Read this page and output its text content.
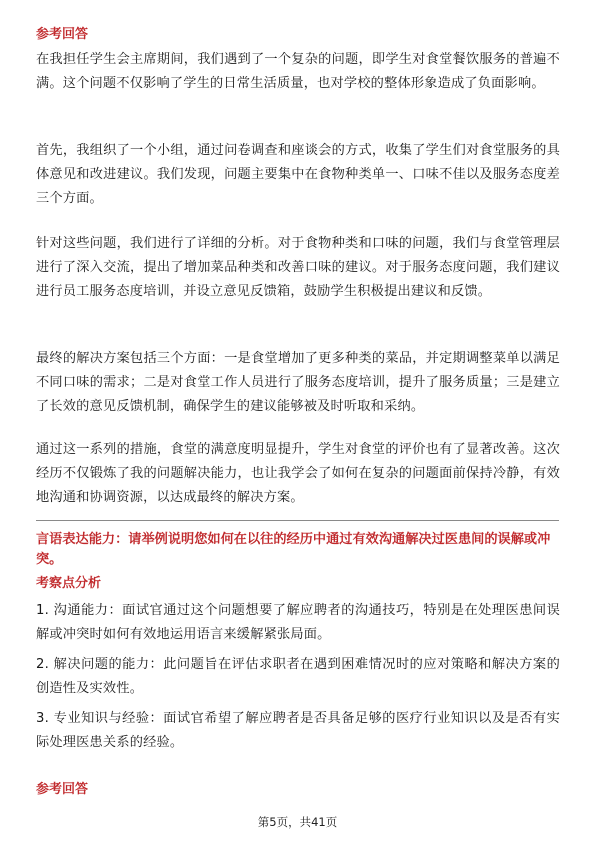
参考回答

在我担任学生会主席期间，我们遇到了一个复杂的问题，即学生对食堂餐饮服务的普遍不满。这个问题不仅影响了学生的日常生活质量，也对学校的整体形象造成了负面影响。

首先，我组织了一个小组，通过问卷调查和座谈会的方式，收集了学生们对食堂服务的具体意见和改进建议。我们发现，问题主要集中在食物种类单一、口味不佳以及服务态度差三个方面。

针对这些问题，我们进行了详细的分析。对于食物种类和口味的问题，我们与食堂管理层进行了深入交流，提出了增加菜品种类和改善口味的建议。对于服务态度问题，我们建议进行员工服务态度培训，并设立意见反馈箱，鼓励学生积极提出建议和反馈。

最终的解决方案包括三个方面：一是食堂增加了更多种类的菜品，并定期调整菜单以满足不同口味的需求；二是对食堂工作人员进行了服务态度培训，提升了服务质量；三是建立了长效的意见反馈机制，确保学生的建议能够被及时听取和采纳。

通过这一系列的措施，食堂的满意度明显提升，学生对食堂的评价也有了显著改善。这次经历不仅锻炼了我的问题解决能力，也让我学会了如何在复杂的问题面前保持冷静，有效地沟通和协调资源，以达成最终的解决方案。

言语表达能力：请举例说明您如何在以往的经历中通过有效沟通解决过医患间的误解或冲突。

考察点分析

1. 沟通能力：面试官通过这个问题想要了解应聘者的沟通技巧，特别是在处理医患间误解或冲突时如何有效地运用语言来缓解紧张局面。

2. 解决问题的能力：此问题旨在评估求职者在遇到困难情况时的应对策略和解决方案的创造性及实效性。

3. 专业知识与经验：面试官希望了解应聘者是否具备足够的医疗行业知识以及是否有实际处理医患关系的经验。

参考回答
第5页，共41页
